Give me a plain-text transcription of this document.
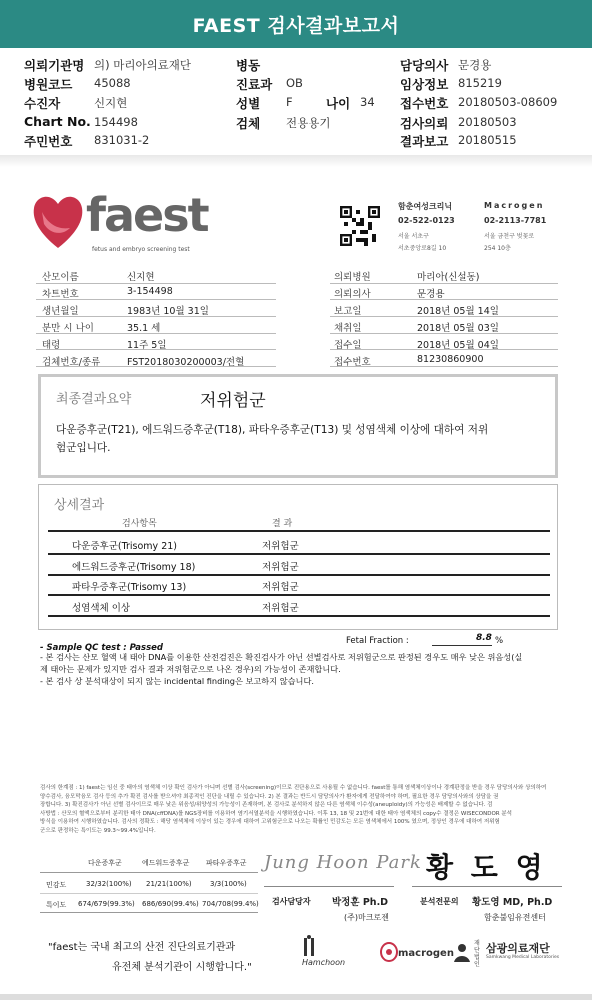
FAEST 검사결과보고서
의뢰기관명 의) 마리아의료재단
병원코드 45088
수진자	신지현
Chart No. 154498
주민번호 831031-2
병동
진료과 OB
성별 F	나이 34
검체 전용용기
담당의사 문경용
임상정보 815219
접수번호 20180503-08609
검사의뢰 20180503
결과보고 20180515
faest
fetus and embryo screening test
함춘여성크리닉
02-522-0123
서울 서초구
서초중앙로8길 10
Macrogen
02-2113-7781
서울 금천구 벚꽃로
254 10층
산모이름	신지현
차트번호	3-154498
생년월일	1983년 10월 31일
분만 시 나이	35.1 세
태령	11주 5일
검체번호/종류	FST2018030200003/전혈
의뢰병원	마리아(신설동)
의뢰의사	문경용
보고일	2018년 05월 14일
채취일	2018년 05월 03일
접수일	2018년 05월 04일
접수번호	81230860900
최종결과요약	저위험군
다운증후군(T21), 에드워드증후군(T18), 파타우증후군(T13) 및 성염색체 이상에 대하여 저위
험군입니다.
상세결과
검사항목	결 과
다운증후군(Trisomy 21)	저위험군
에드워드증후군(Trisomy 18)	저위험군
파타우증후군(Trisomy 13)	저위험군
성염색체 이상	저위험군
- Sample QC test : Passed
Fetal Fraction :	8.8 %
- 본 검사는 산모 혈액 내 태아 DNA를 이용한 산전검진은 확진검사가 아닌 선별검사로 저위험군으로 판정된 경우도 매우 낮은 위음성(실
제 태아는 문제가 있지만 검사 결과 저위험군으로 나온 경우)의 가능성이 존재합니다.
- 본 검사 상 분석대상이 되지 않는 incidental finding은 보고하지 않습니다.
검사의 한계점 : 1) faest는 임신 중 태아의 염색체 이상 확인 검사가 아니며 선별 검사(screening)이므로 진단용으로 사용될 수 없습니다. faest를 통해 염색체이상이나 경계판정을 받을 경우 담당의사와 상의하여
양수검사, 융모막융모 검사 등의 추가 확진 검사를 받으셔야 최종적인 진단을 내릴 수 있습니다. 2) 본 결과는 반드시 담당의사가 환자에게 전달하여야 하며, 필요한 경우 담당의사와의 상담을 권
장합니다. 3) 확진검사가 아닌 선별 검사이므로 매우 낮은 위음성/위양성의 가능성이 존재하며, 본 검사로 분석하지 않은 다른 염색체 이수성(aneuploidy)의 가능성은 배제할 수 없습니다. 검
사방법 : 산모의 혈액으로부터 분리한 태아 DNA(cffDNA)를 NGS장비를 이용하여 염기서열분석을 시행하였습니다. 이후 13, 18 및 21번에 대한 태아 염색체의 copy수 결정은 WISECONDOR 분석
방식을 이용하여 시행하였습니다. 검사의 정확도 : 해당 염색체에 이상이 있는 경우에 대하여 고위험군으로 나오는 확률인 민감도는 모든 염색체에서 100% 였으며, 정상인 경우에 대하여 저위험
군으로 판정하는 특이도는 99.3~99.4%입니다.
다운증후군	에드워드증후군 파타우증후군
민감도	32/32(100%) 21/21(100%)	3/3(100%)
특이도 674/679(99.3%) 686/690(99.4%) 704/708(99.4%)
Jung Hoon Park 황 도 영
검사담당자 박정훈 Ph.D
(주)마크로젠
분석전문의 황도영 MD, Ph.D
함춘불임유전센터
"faest는 국내 최고의 산전 진단의료기관과
유전체 분석기관이 시행합니다."	Hamchoon
macrogen
재단법인
삼광의료재단
Samkwang Medical Laboratories
